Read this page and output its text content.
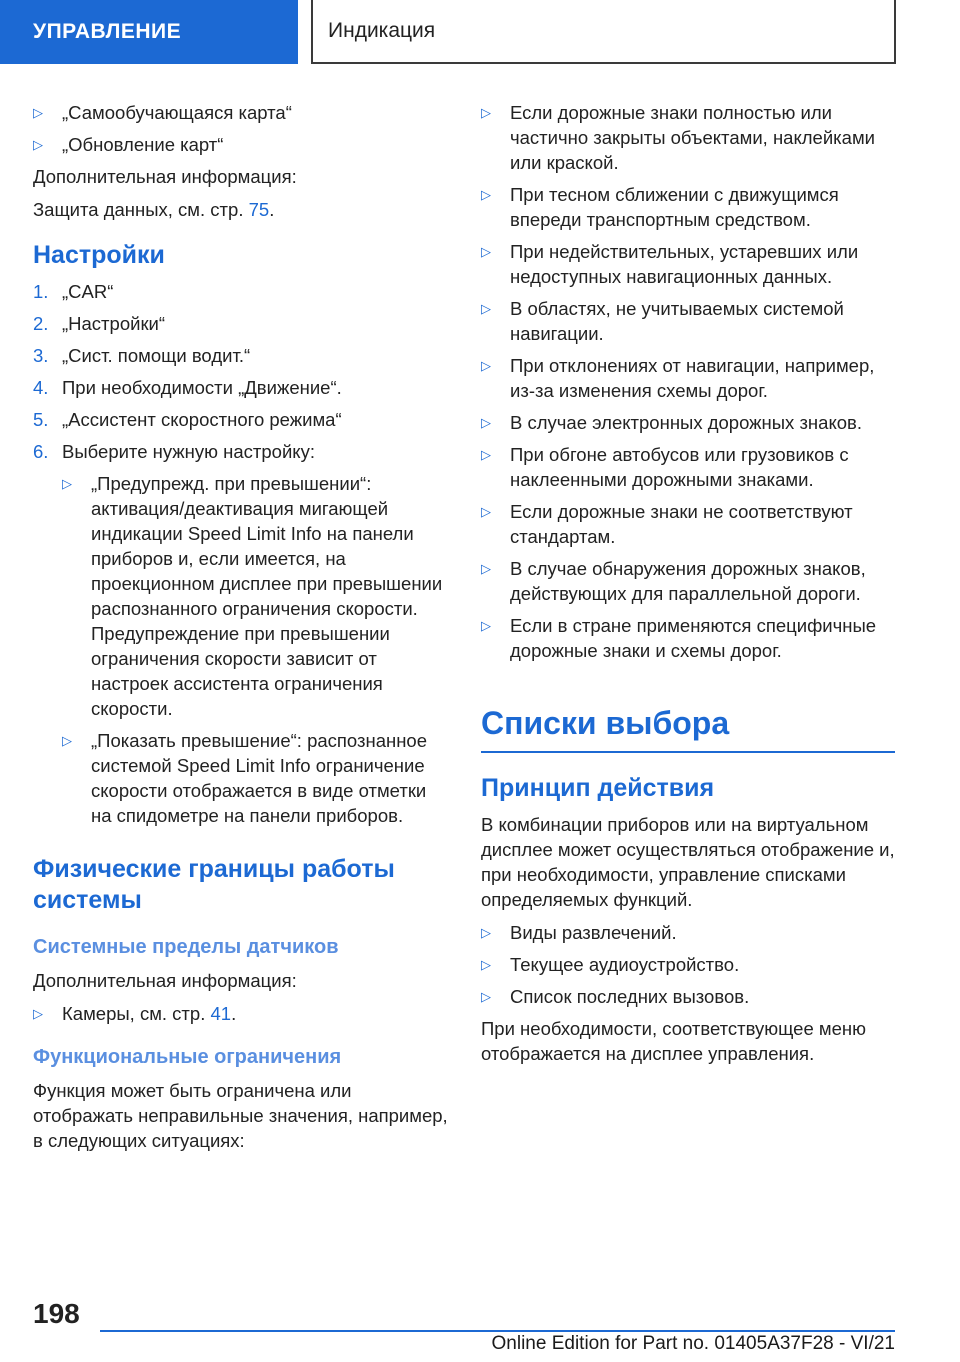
УПРАВЛЕНИЕ	Индикация
▷	„Самообучающаяся карта“
▷	„Обновление карт“

Дополнительная информация:

Защита данных, см. стр. 75.

Настройки
1. „CAR“
2. „Настройки“
3. „Сист. помощи водит.“
4. При необходимости „Движение“.
5. „Ассистент скоростного режима“
6. Выберите нужную настройку:
▷	„Предупрежд. при превышении“: активация/деактивация мигающей индикации Speed Limit Info на панели приборов и, если имеется, на проекционном дисплее при превышении распознанного ограничения скорости. Предупреждение при превышении ограничения скорости зависит от настроек ассистента ограничения скорости.
▷	„Показать превышение“: распознанное системой Speed Limit Info ограничение скорости отображается в виде отметки на спидометре на панели приборов.
Физические границы работы системы
Системные пределы датчиков

Дополнительная информация:

▷	Камеры, см. стр. 41.
Функциональные ограничения

Функция может быть ограничена или отображать неправильные значения, например, в следующих ситуациях:

▷	Если дорожные знаки полностью или частично закрыты объектами, наклейками или краской.
▷	При тесном сближении с движущимся впереди транспортным средством.
▷	При недействительных, устаревших или недоступных навигационных данных.
▷	В областях, не учитываемых системой навигации.
▷	При отклонениях от навигации, например, из-за изменения схемы дорог.
▷	В случае электронных дорожных знаков.
▷	При обгоне автобусов или грузовиков с наклеенными дорожными знаками.
▷	Если дорожные знаки не соответствуют стандартам.
▷	В случае обнаружения дорожных знаков, действующих для параллельной дороги.
▷	Если в стране применяются специфичные дорожные знаки и схемы дорог.
Списки выбора
Принцип действия

В комбинации приборов или на виртуальном дисплее может осуществляться отображение и, при необходимости, управление списками определяемых функций.

▷	Виды развлечений.
▷	Текущее аудиоустройство.
▷	Список последних вызовов.

При необходимости, соответствующее меню отображается на дисплее управления.

198
Online Edition for Part no. 01405A37F28 - VI/21
